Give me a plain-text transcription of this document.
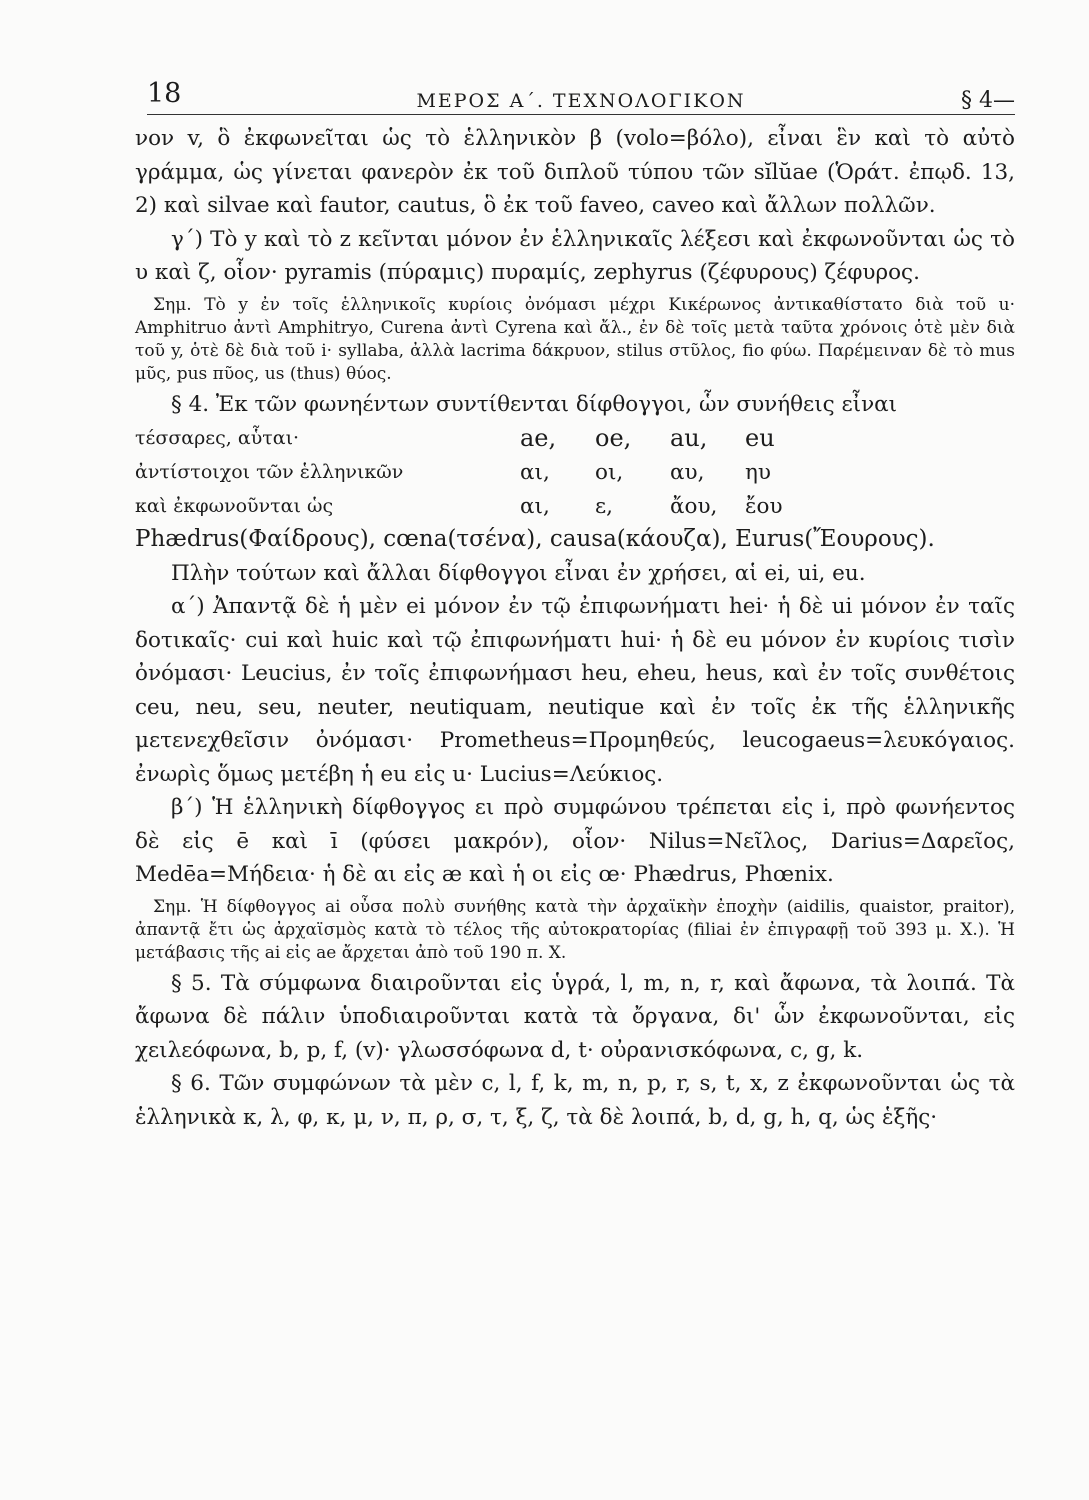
18	ΜΕΡΟΣ Α΄. ΤΕΧΝΟΛΟΓΙΚΟΝ	§ 4—

νον v, ὃ ἐκφωνεῖται ὡς τὸ ἑλληνικὸν β (volo=βόλο), εἶναι ἓν καὶ τὸ αὐτὸ γράμμα, ὡς γίνεται φανερὸν ἐκ τοῦ διπλοῦ τύπου τῶν sĭlŭae (Ὁράτ. ἐπῳδ. 13, 2) καὶ silvae καὶ fautor, cautus, ὃ ἐκ τοῦ faveo, caveo καὶ ἄλλων πολλῶν.

γ΄) Τὸ y καὶ τὸ z κεῖνται μόνον ἐν ἑλληνικαῖς λέξεσι καὶ ἐκφωνοῦνται ὡς τὸ υ καὶ ζ, οἷον· pyramis (πύραμις) πυραμίς, zephyrus (ζέφυρους) ζέφυρος.

Σημ. Τὸ y ἐν τοῖς ἑλληνικοῖς κυρίοις ὀνόμασι μέχρι Κικέρωνος ἀντικαθίστατο διὰ τοῦ u· Amphitruo ἀντὶ Amphitryo, Curena ἀντὶ Cyrena καὶ ἄλ., ἐν δὲ τοῖς μετὰ ταῦτα χρόνοις ὁτὲ μὲν διὰ τοῦ y, ὁτὲ δὲ διὰ τοῦ i· syllaba, ἀλλὰ lacrima δάκρυον, stilus στῦλος, fio φύω. Παρέμειναν δὲ τὸ mus μῦς, pus πῦος, us (thus) θύος.

§ 4. Ἐκ τῶν φωνηέντων συντίθενται δίφθογγοι, ὧν συνήθεις εἶναι

τέσσαρες, αὗται·	ae,	oe,	au,	eu
ἀντίστοιχοι τῶν ἑλληνικῶν	αι,	οι,	αυ,	ηυ
καὶ ἐκφωνοῦνται ὡς	αι,	ε,	ἄου,	ἔου

Phædrus(Φαίδρους), cœna(τσένα), causa(κάουζα), Eurus(Ἔουρους).

Πλὴν τούτων καὶ ἄλλαι δίφθογγοι εἶναι ἐν χρήσει, αἱ ei, ui, eu.

α΄) Ἀπαντᾷ δὲ ἡ μὲν ei μόνον ἐν τῷ ἐπιφωνήματι hei· ἡ δὲ ui μόνον ἐν ταῖς δοτικαῖς· cui καὶ huic καὶ τῷ ἐπιφωνήματι hui· ἡ δὲ eu μόνον ἐν κυρίοις τισὶν ὀνόμασι· Leucius, ἐν τοῖς ἐπιφωνήμασι heu, eheu, heus, καὶ ἐν τοῖς συνθέτοις ceu, neu, seu, neuter, neutiquam, neutique καὶ ἐν τοῖς ἐκ τῆς ἑλληνικῆς μετενεχθεῖσιν ὀνόμασι· Prometheus=Προμηθεύς, leucogaeus=λευκόγαιος. ἐνωρὶς ὅμως μετέβη ἡ eu εἰς u· Lucius=Λεύκιος.

β΄) Ἡ ἑλληνικὴ δίφθογγος ει πρὸ συμφώνου τρέπεται εἰς i, πρὸ φωνήεντος δὲ εἰς ē καὶ ī (φύσει μακρόν), οἷον· Nilus=Νεῖλος, Darius=Δαρεῖος, Medēa=Μήδεια· ἡ δὲ αι εἰς æ καὶ ἡ οι εἰς œ· Phædrus, Phœnix.

Σημ. Ἡ δίφθογγος ai οὖσα πολὺ συνήθης κατὰ τὴν ἀρχαϊκὴν ἐποχὴν (aidilis, quaistor, praitor), ἀπαντᾷ ἔτι ὡς ἀρχαϊσμὸς κατὰ τὸ τέλος τῆς αὐτοκρατορίας (filiai ἐν ἐπιγραφῇ τοῦ 393 μ. Χ.). Ἡ μετάβασις τῆς ai εἰς ae ἄρχεται ἀπὸ τοῦ 190 π. Χ.

§ 5. Τὰ σύμφωνα διαιροῦνται εἰς ὑγρά, l, m, n, r, καὶ ἄφωνα, τὰ λοιπά. Τὰ ἄφωνα δὲ πάλιν ὑποδιαιροῦνται κατὰ τὰ ὄργανα, δι' ὧν ἐκφωνοῦνται, εἰς χειλεόφωνα, b, p, f, (v)· γλωσσόφωνα d, t· οὐρανισκόφωνα, c, g, k.

§ 6. Τῶν συμφώνων τὰ μὲν c, l, f, k, m, n, p, r, s, t, x, z ἐκφωνοῦνται ὡς τὰ ἑλληνικὰ κ, λ, φ, κ, μ, ν, π, ρ, σ, τ, ξ, ζ, τὰ δὲ λοιπά, b, d, g, h, q, ὡς ἑξῆς·
